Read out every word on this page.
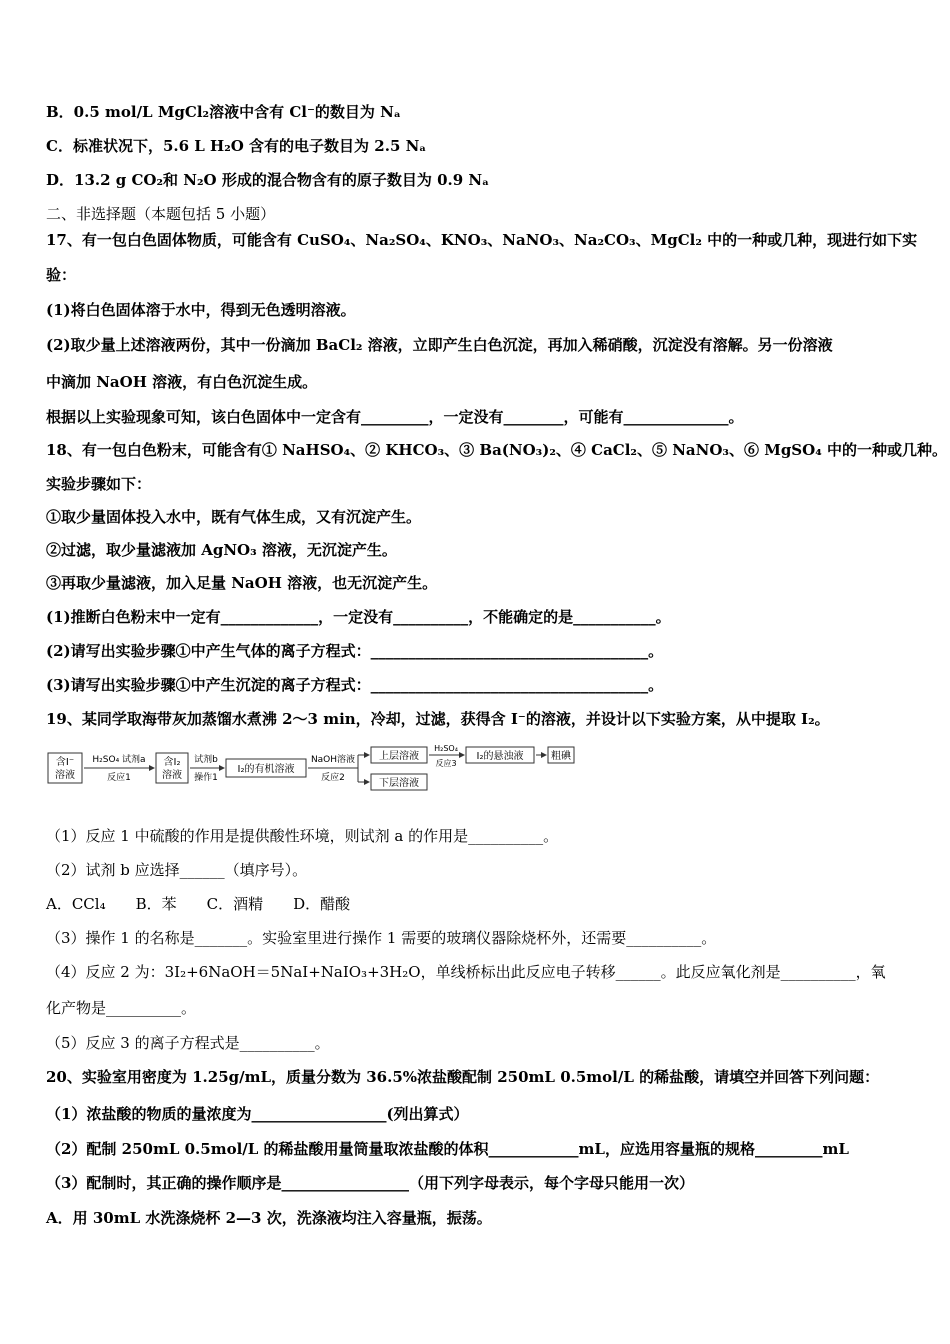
B．0.5 mol/L MgCl₂溶液中含有 Cl⁻的数目为 Nₐ
C．标准状况下，5.6 L H₂O 含有的电子数目为 2.5 Nₐ
D．13.2 g CO₂和 N₂O 形成的混合物含有的原子数目为 0.9 Nₐ
二、非选择题（本题包括 5 小题）
17、有一包白色固体物质，可能含有 CuSO₄、Na₂SO₄、KNO₃、NaNO₃、Na₂CO₃、MgCl₂ 中的一种或几种，现进行如下实
验：
(1)将白色固体溶于水中，得到无色透明溶液。
(2)取少量上述溶液两份，其中一份滴加 BaCl₂ 溶液，立即产生白色沉淀，再加入稀硝酸，沉淀没有溶解。另一份溶液
中滴加 NaOH 溶液，有白色沉淀生成。
根据以上实验现象可知，该白色固体中一定含有_________，一定没有________，可能有______________。
18、有一包白色粉末，可能含有① NaHSO₄、② KHCO₃、③ Ba(NO₃)₂、④ CaCl₂、⑤ NaNO₃、⑥ MgSO₄ 中的一种或几种。
实验步骤如下：
①取少量固体投入水中，既有气体生成，又有沉淀产生。
②过滤，取少量滤液加 AgNO₃ 溶液，无沉淀产生。
③再取少量滤液，加入足量 NaOH 溶液，也无沉淀产生。
(1)推断白色粉末中一定有_____________，一定没有__________，不能确定的是___________。
(2)请写出实验步骤①中产生气体的离子方程式：_____________________________________。
(3)请写出实验步骤①中产生沉淀的离子方程式：_____________________________________。
19、某同学取海带灰加蒸馏水煮沸 2～3 min，冷却，过滤，获得含 I⁻的溶液，并设计以下实验方案，从中提取 I₂。
含I⁻
溶液
H₂SO₄ 试剂a
反应1
含I₂
溶液
试剂b
操作1
I₂的有机溶液
NaOH溶液
反应2
上层溶液
下层溶液
H₂SO₄
反应3
I₂的悬浊液	粗碘
（1）反应 1 中硫酸的作用是提供酸性环境，则试剂 a 的作用是__________。
（2）试剂 b 应选择______（填序号）。
A．CCl₄　　B．苯　　C．酒精　　D．醋酸
（3）操作 1 的名称是_______。实验室里进行操作 1 需要的玻璃仪器除烧杯外，还需要__________。
（4）反应 2 为：3I₂+6NaOH＝5NaI+NaIO₃+3H₂O，单线桥标出此反应电子转移______。此反应氧化剂是__________，氧
化产物是__________。
（5）反应 3 的离子方程式是__________。
20、实验室用密度为 1.25g/mL，质量分数为 36.5%浓盐酸配制 250mL 0.5mol/L 的稀盐酸，请填空并回答下列问题：
（1）浓盐酸的物质的量浓度为__________________(列出算式）
（2）配制 250mL 0.5mol/L 的稀盐酸用量筒量取浓盐酸的体积____________mL，应选用容量瓶的规格_________mL
（3）配制时，其正确的操作顺序是_________________（用下列字母表示，每个字母只能用一次）
A．用 30mL 水洗涤烧杯 2—3 次，洗涤液均注入容量瓶，振荡。
